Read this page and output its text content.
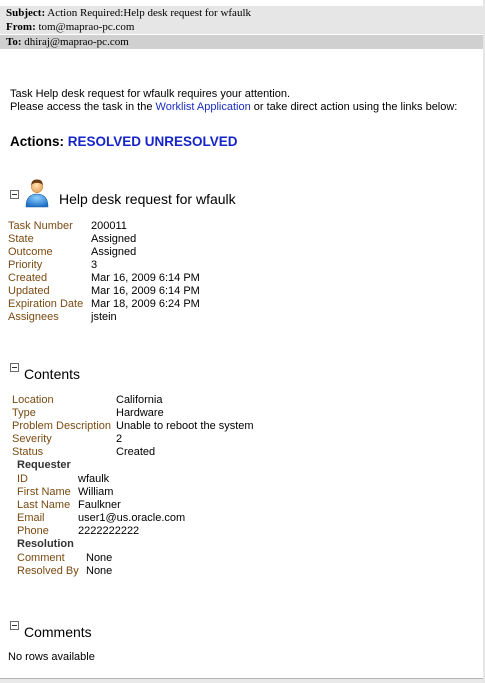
Subject: Action Required:Help desk request for wfaulk
From: tom@maprao-pc.com
To: dhiraj@maprao-pc.com
Task Help desk request for wfaulk requires your attention.
Please access the task in the Worklist Application or take direct action using the links below:
Actions: RESOLVED UNRESOLVED
Help desk request for wfaulk
Task Number 200011
State	Assigned
Outcome	Assigned
Priority	3
Created	Mar 16, 2009 6:14 PM
Updated	Mar 16, 2009 6:14 PM
Expiration Date Mar 18, 2009 6:24 PM
Assignees	jstein
Contents
Location	California
Type	Hardware
Problem Description Unable to reboot the system
Severity	2
Status	Created
Requester
ID	wfaulk
First Name William
Last Name Faulkner
Email	user1@us.oracle.com
Phone	2222222222
Resolution
Comment None
Resolved By None
Comments
No rows available
